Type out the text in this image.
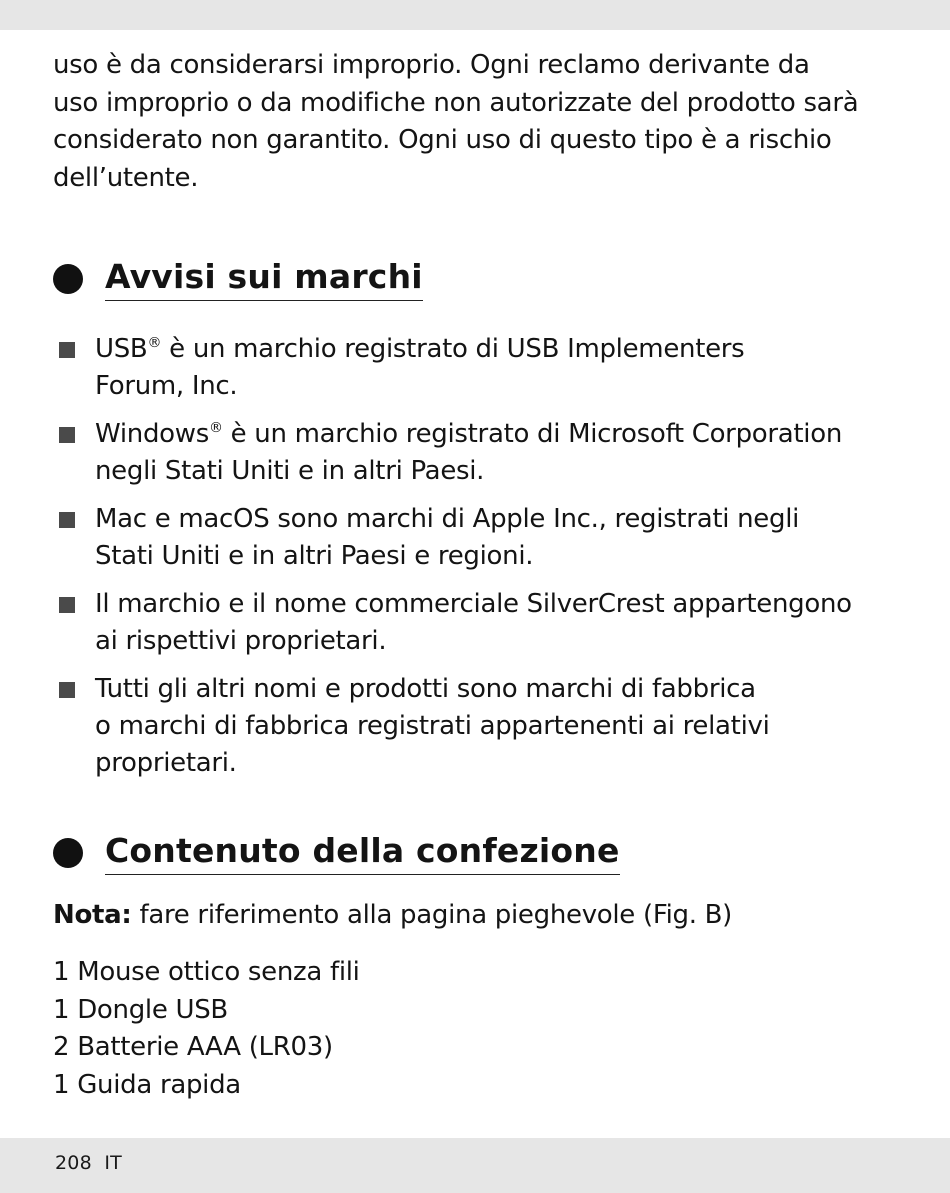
uso è da considerarsi improprio. Ogni reclamo derivante da
uso improprio o da modifiche non autorizzate del prodotto sarà
considerato non garantito. Ogni uso di questo tipo è a rischio
dell’utente.

Avvisi sui marchi
USB® è un marchio registrato di USB Implementers
Forum, Inc.
Windows® è un marchio registrato di Microsoft Corporation
negli Stati Uniti e in altri Paesi.
Mac e macOS sono marchi di Apple Inc., registrati negli
Stati Uniti e in altri Paesi e regioni.
Il marchio e il nome commerciale SilverCrest appartengono
ai rispettivi proprietari.
Tutti gli altri nomi e prodotti sono marchi di fabbrica
o marchi di fabbrica registrati appartenenti ai relativi
proprietari.
Contenuto della confezione

Nota: fare riferimento alla pagina pieghevole (Fig. B)

1 Mouse ottico senza fili
1 Dongle USB
2 Batterie AAA (LR03)
1 Guida rapida
208 IT
